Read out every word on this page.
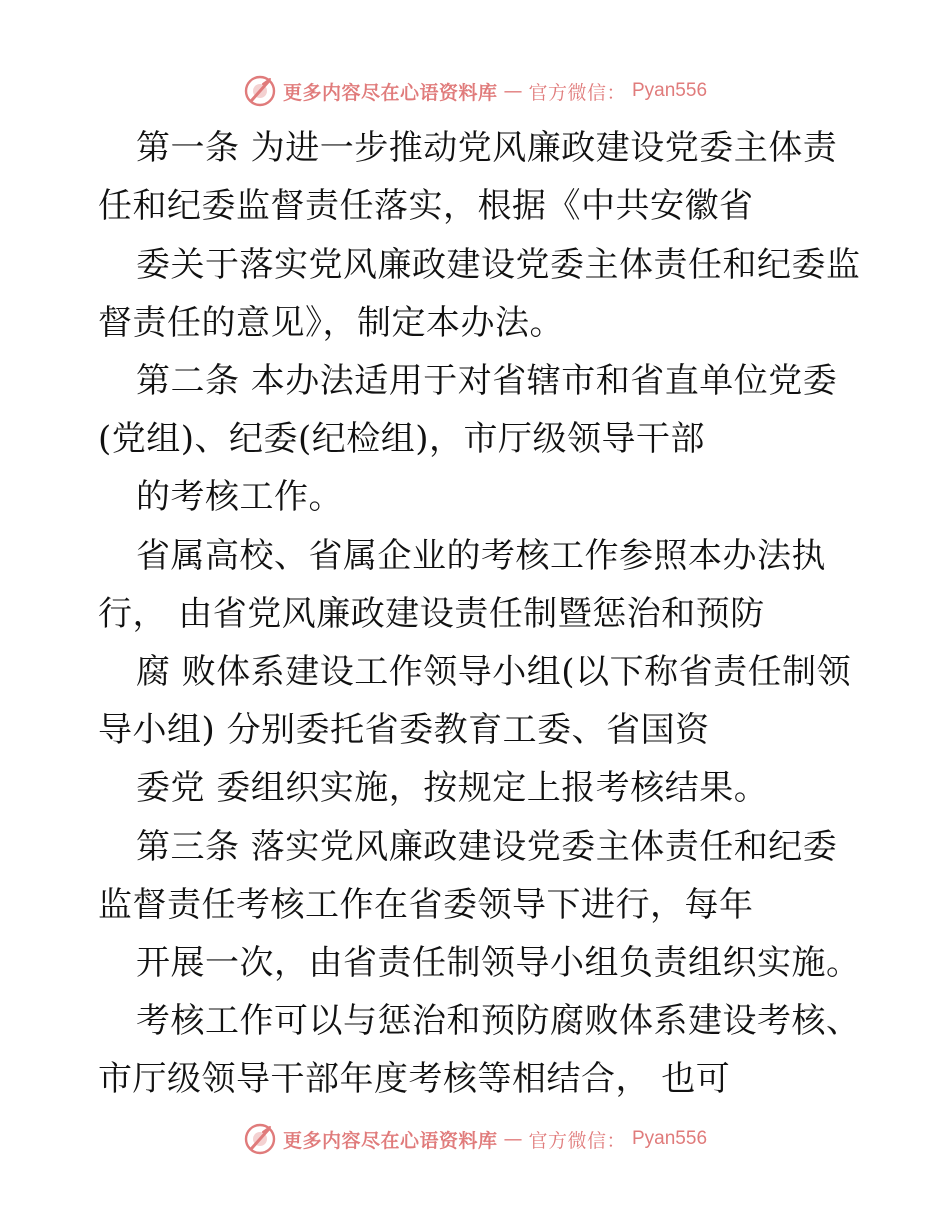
更多内容尽在心语资料库 — 官方微信： Pyan556
第一条 为进一步推动党风廉政建设党委主体责
任和纪委监督责任落实，根据《中共安徽省
委关于落实党风廉政建设党委主体责任和纪委监
督责任的意见》，制定本办法。
第二条 本办法适用于对省辖市和省直单位党委
(党组)、纪委(纪检组)，市厅级领导干部
的考核工作。
省属高校、省属企业的考核工作参照本办法执
行， 由省党风廉政建设责任制暨惩治和预防
腐 败体系建设工作领导小组(以下称省责任制领
导小组) 分别委托省委教育工委、省国资
委党 委组织实施，按规定上报考核结果。
第三条 落实党风廉政建设党委主体责任和纪委
监督责任考核工作在省委领导下进行，每年
开展一次，由省责任制领导小组负责组织实施。
考核工作可以与惩治和预防腐败体系建设考核、
市厅级领导干部年度考核等相结合， 也可
更多内容尽在心语资料库 — 官方微信： Pyan556
